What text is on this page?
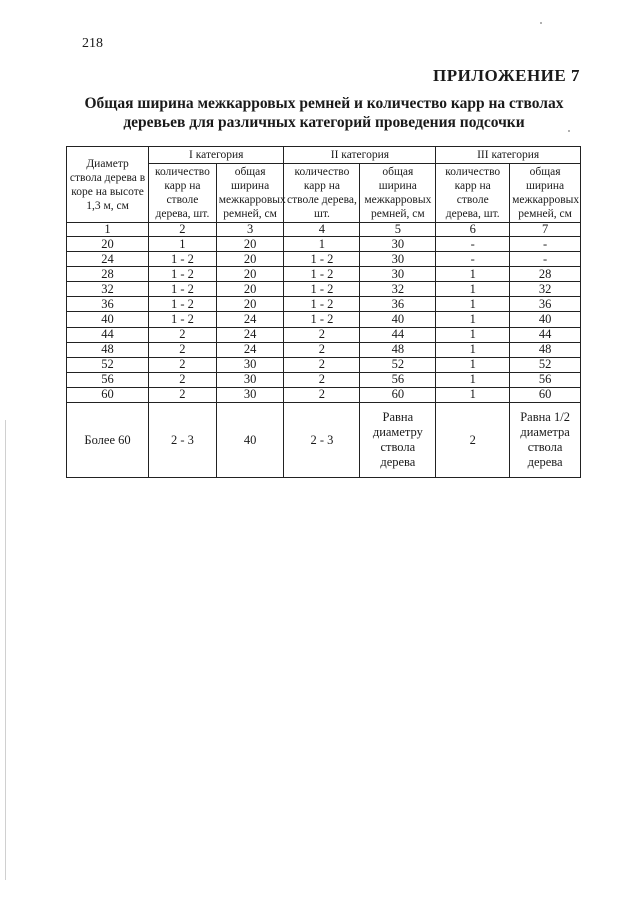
218
ПРИЛОЖЕНИЕ 7
Общая ширина межкарровых ремней и количество карр на стволах деревьев для различных категорий проведения подсочки
Диаметр ствола дерева в коре на высоте 1,3 м, см	I категория		II категория		III категория	
	количество карр на стволе дерева, шт.	общая ширина межкарровых ремней, см	количество карр на стволе дерева, шт.	общая ширина межкарровых ремней, см	количество карр на стволе дерева, шт.	общая ширина межкарровых ремней, см
1	2	3	4	5	6	7
20	1	20	1	30	-	-
24	1 - 2	20	1 - 2	30	-	-
28	1 - 2	20	1 - 2	30	1	28
32	1 - 2	20	1 - 2	32	1	32
36	1 - 2	20	1 - 2	36	1	36
40	1 - 2	24	1 - 2	40	1	40
44	2	24	2	44	1	44
48	2	24	2	48	1	48
52	2	30	2	52	1	52
56	2	30	2	56	1	56
60	2	30	2	60	1	60
Более 60	2 - 3	40	2 - 3	Равна диаметру ствола дерева	2	Равна 1/2 диаметра ствола дерева
